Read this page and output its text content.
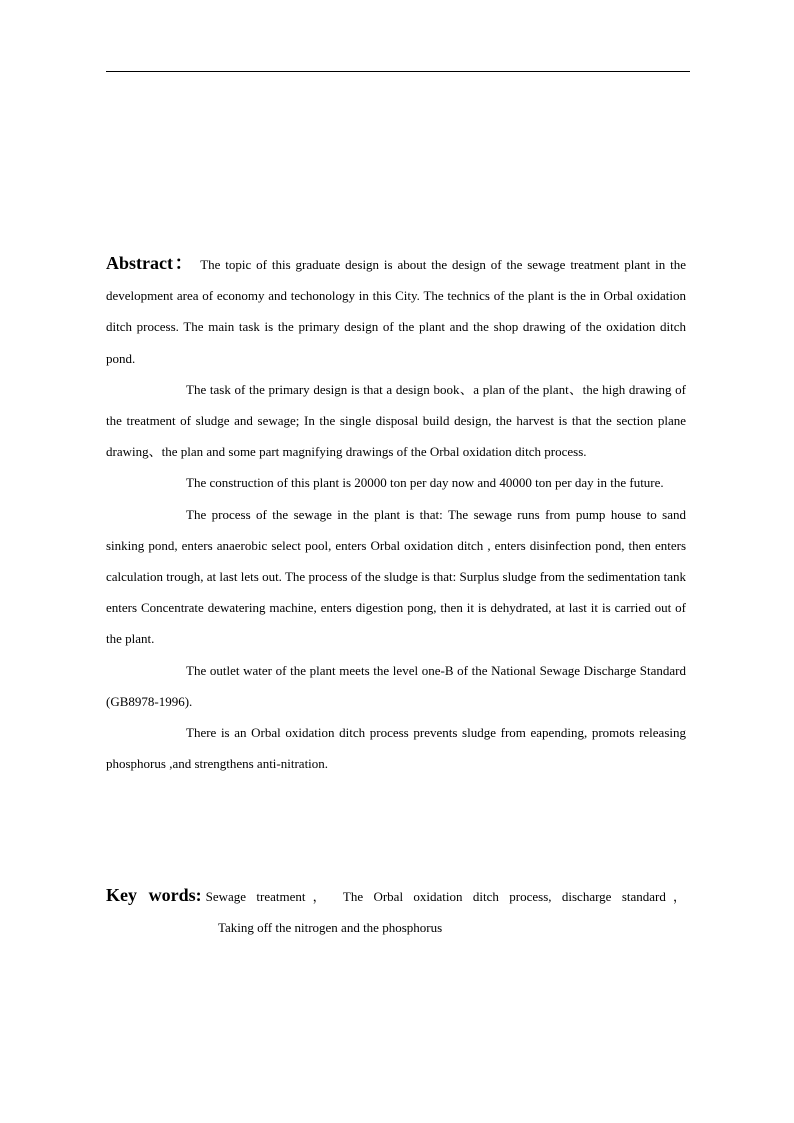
Abstract： The topic of this graduate design is about the design of the sewage treatment plant in the development area of economy and techonology in this City. The technics of the plant is the in Orbal oxidation ditch process. The main task is the primary design of the plant and the shop drawing of the oxidation ditch pond.

The task of the primary design is that a design book、a plan of the plant、the high drawing of the treatment of sludge and sewage; In the single disposal build design, the harvest is that the section plane drawing、the plan and some part magnifying drawings of the Orbal oxidation ditch process.

The construction of this plant is 20000 ton per day now and 40000 ton per day in the future.

The process of the sewage in the plant is that: The sewage runs from pump house to sand sinking pond, enters anaerobic select pool, enters Orbal oxidation ditch , enters disinfection pond, then enters calculation trough, at last lets out. The process of the sludge is that: Surplus sludge from the sedimentation tank enters Concentrate dewatering machine, enters digestion pong, then it is dehydrated, at last it is carried out of the plant.

The outlet water of the plant meets the level one-B of the National Sewage Discharge Standard (GB8978-1996).

There is an Orbal oxidation ditch process prevents sludge from eapending, promots releasing phosphorus ,and strengthens anti-nitration.

Key words: Sewage treatment， The Orbal oxidation ditch process, discharge standard，

Taking off the nitrogen and the phosphorus
